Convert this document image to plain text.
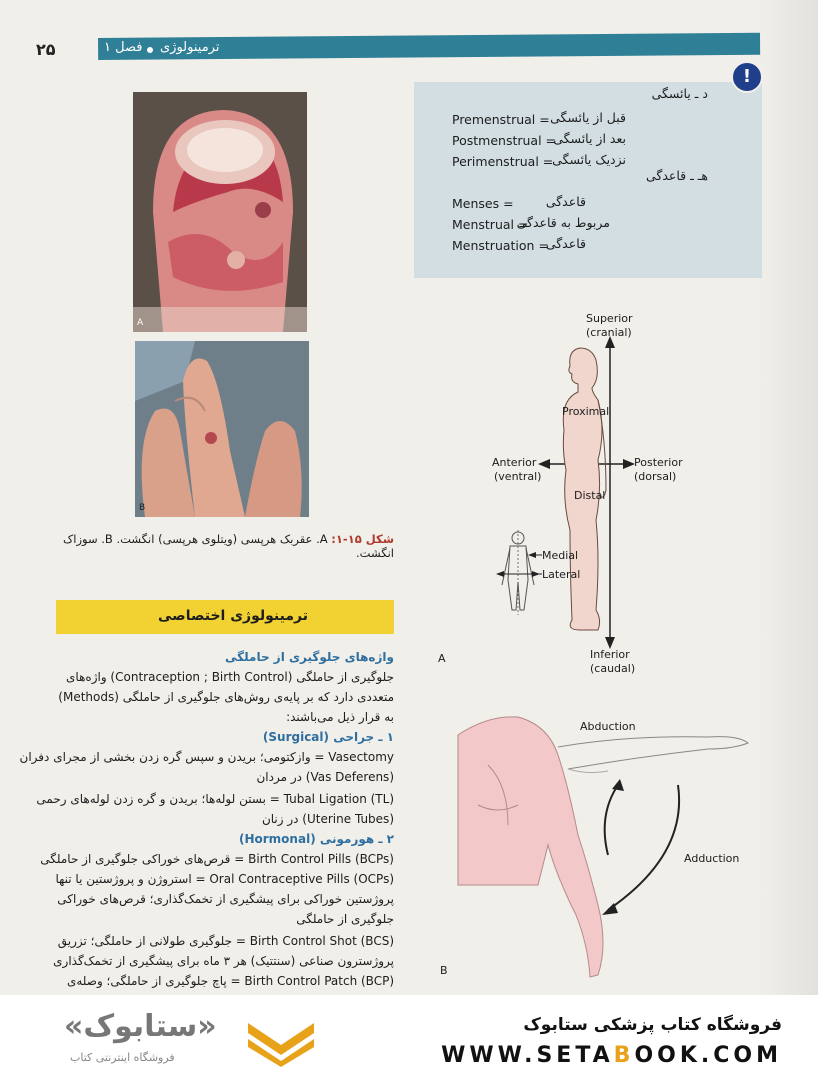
فصل ۱ ترمینولوژی
۲۵
!
د ـ یائسگی
Premenstrual = قبل از یائسگی
Postmenstrual =
بعد از یائسگی
Perimenstrual =
نزدیک یائسگی
هـ ـ قاعدگی
Menses =	قاعدگی
Menstrual =
مربوط به قاعدگی
Menstruation =
قاعدگی
A
B
شکل ۱۵-۱: A. عقربک هرپسی (ویتلوی هرپسی) انگشت. B. سوزاک انگشت.
ترمینولوژی اختصاصی
واژه‌های جلوگیری از حاملگی
جلوگیری از حاملگی (Contraception ; Birth Control) واژه‌های
متعددی دارد که بر پایه‌ی روش‌های جلوگیری از حاملگی (Methods)
به قرار ذیل می‌باشند:
۱ ـ جراحی (Surgical)
Vasectomy = وازکتومی؛ بریدن و سپس گره زدن بخشی از مجرای دفران
(Vas Deferens) در مردان
Tubal Ligation (TL) = بستن لوله‌ها؛ بریدن و گره زدن لوله‌های رحمی
(Uterine Tubes) در زنان
۲ ـ هورمونی (Hormonal)
Birth Control Pills (BCPs) = قرص‌های خوراکی جلوگیری از حاملگی
Oral Contraceptive Pills (OCPs) = استروژن و پروژستین یا تنها
پروژستین خوراکی برای پیشگیری از تخمک‌گذاری؛ قرص‌های خوراکی
جلوگیری از حاملگی
Birth Control Shot (BCS) = جلوگیری طولانی از حاملگی؛ تزریق
پروژسترون صناعی (سنتتیک) هر ۳ ماه برای پیشگیری از تخمک‌گذاری
Birth Control Patch (BCP) = پاچ جلوگیری از حاملگی؛ وصله‌ی
Superior
(cranial)
Inferior
(caudal)
Anterior
(ventral)
Posterior
(dorsal)
Proximal
Distal
Medial
Lateral
A
Abduction
Adduction
B
«ستابوک»
فروشگاه اینترنتی کتاب
فروشگاه کتاب پزشکی ستابوک
WWW.SETABOOK.COM
